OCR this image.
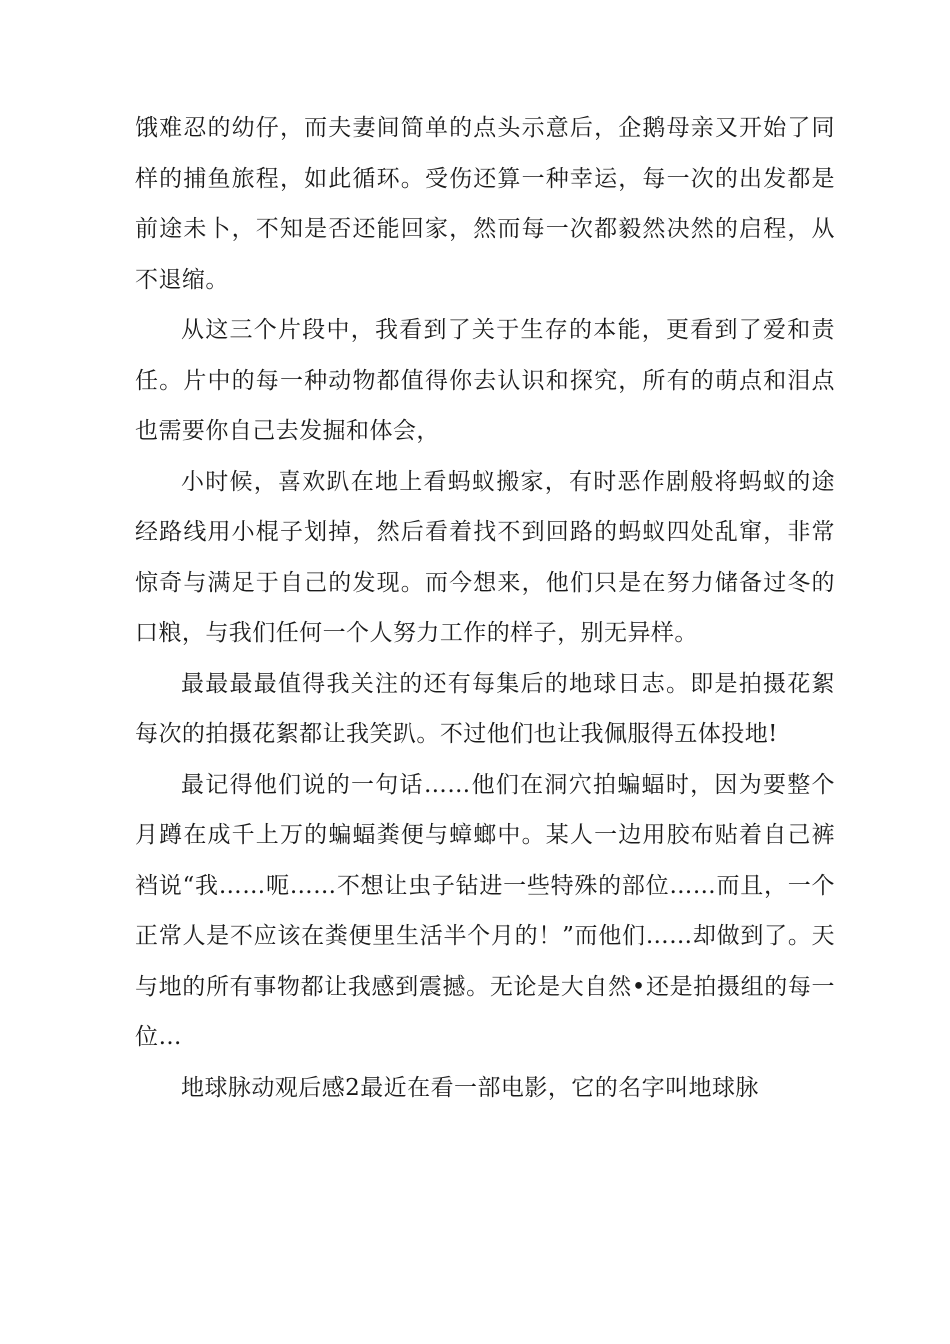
饿难忍的幼仔，而夫妻间简单的点头示意后，企鹅母亲又开始了同样的捕鱼旅程，如此循环。受伤还算一种幸运，每一次的出发都是前途未卜，不知是否还能回家，然而每一次都毅然决然的启程，从不退缩。

从这三个片段中，我看到了关于生存的本能，更看到了爱和责任。片中的每一种动物都值得你去认识和探究，所有的萌点和泪点也需要你自己去发掘和体会，

小时候，喜欢趴在地上看蚂蚁搬家，有时恶作剧般将蚂蚁的途经路线用小棍子划掉，然后看着找不到回路的蚂蚁四处乱窜，非常惊奇与满足于自己的发现。而今想来，他们只是在努力储备过冬的口粮，与我们任何一个人努力工作的样子，别无异样。

最最最最值得我关注的还有每集后的地球日志。即是拍摄花絮每次的拍摄花絮都让我笑趴。不过他们也让我佩服得五体投地!

最记得他们说的一句话……他们在洞穴拍蝙蝠时，因为要整个月蹲在成千上万的蝙蝠粪便与蟑螂中。某人一边用胶布贴着自己裤裆说“我……呃……不想让虫子钻进一些特殊的部位……而且，一个正常人是不应该在粪便里生活半个月的！”而他们……却做到了。天与地的所有事物都让我感到震撼。无论是大自然•还是拍摄组的每一位…

地球脉动观后感2最近在看一部电影，它的名字叫地球脉
